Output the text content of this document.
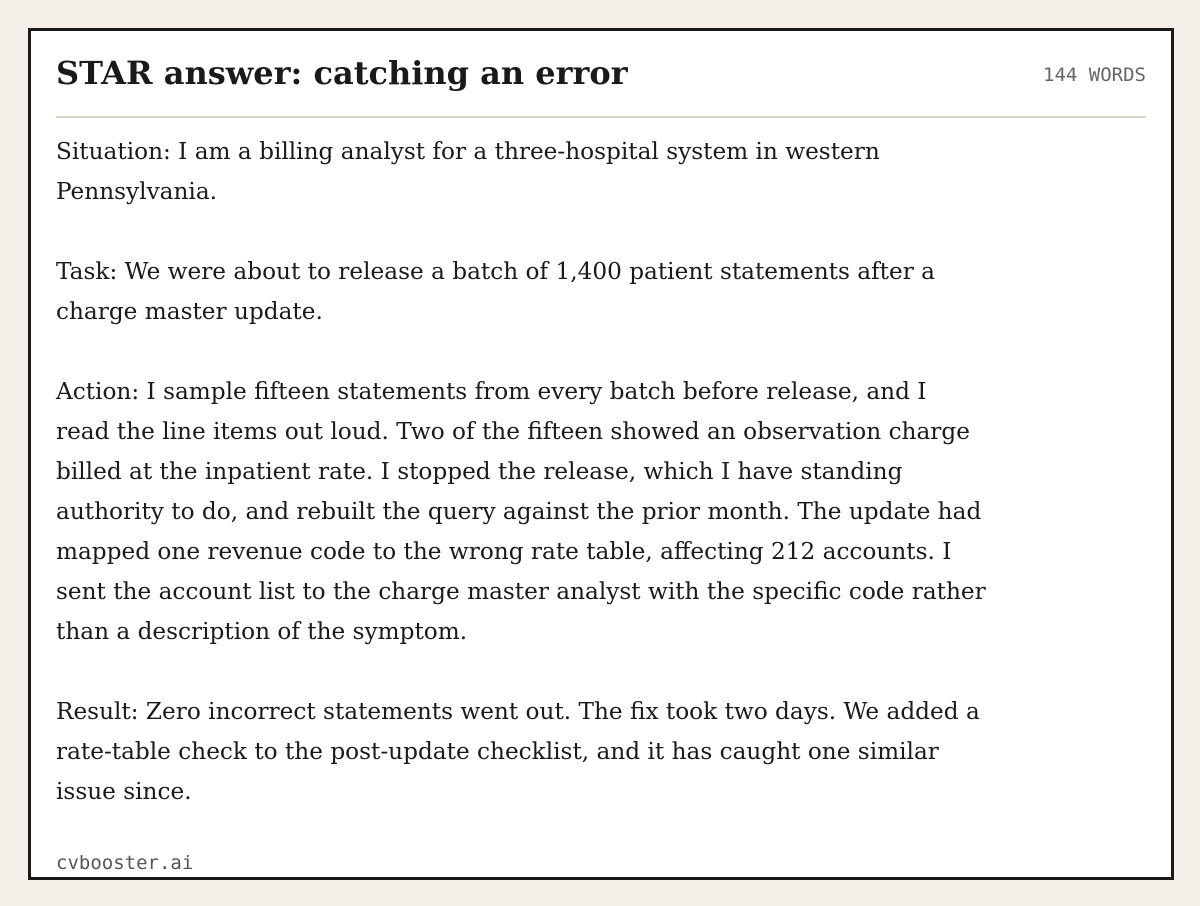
STAR answer: catching an error	144 WORDS

Situation: I am a billing analyst for a three-hospital system in western Pennsylvania.

Task: We were about to release a batch of 1,400 patient statements after a charge master update.

Action: I sample fifteen statements from every batch before release, and I read the line items out loud. Two of the fifteen showed an observation charge billed at the inpatient rate. I stopped the release, which I have standing authority to do, and rebuilt the query against the prior month. The update had mapped one revenue code to the wrong rate table, affecting 212 accounts. I sent the account list to the charge master analyst with the specific code rather than a description of the symptom.

Result: Zero incorrect statements went out. The fix took two days. We added a rate-table check to the post-update checklist, and it has caught one similar issue since.

cvbooster.ai
